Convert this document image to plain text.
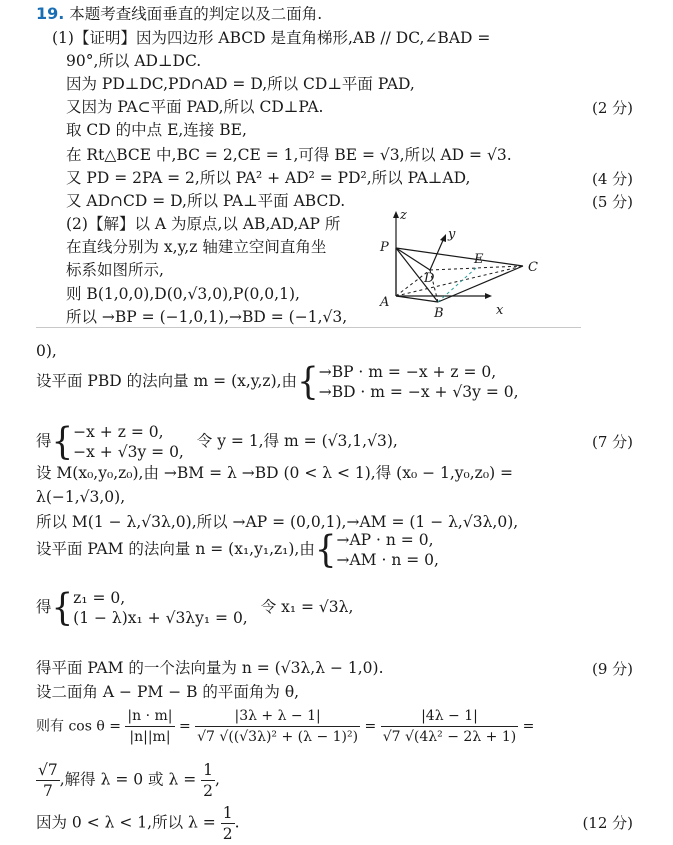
19. 本题考查线面垂直的判定以及二面角.
(1)【证明】因为四边形 ABCD 是直角梯形,AB // DC,∠BAD =
90°,所以 AD⊥DC.
因为 PD⊥DC,PD∩AD = D,所以 CD⊥平面 PAD,
又因为 PA⊂平面 PAD,所以 CD⊥PA.	(2 分)
取 CD 的中点 E,连接 BE,
在 Rt△BCE 中,BC = 2,CE = 1,可得 BE = √3,所以 AD = √3.
又 PD = 2PA = 2,所以 PA² + AD² = PD²,所以 PA⊥AD,	(4 分)
又 AD∩CD = D,所以 PA⊥平面 ABCD.	(5 分)
(2)【解】以 A 为原点,以 AB,AD,AP 所
在直线分别为 x,y,z 轴建立空间直角坐
标系如图所示,
则 B(1,0,0),D(0,√3,0),P(0,0,1),
所以 →BP = (−1,0,1),→BD = (−1,√3,
z
y
x
P
A
B
C
D
E
0),
设平面 PBD 的法向量 m = (x,y,z),由{ →BP · m = −x + z = 0,
→BD · m = −x + √3y = 0,
得{ −x + z = 0,
−x + √3y = 0,
令 y = 1,得 m = (√3,1,√3),	(7 分)
设 M(x₀,y₀,z₀),由 →BM = λ →BD (0 < λ < 1),得 (x₀ − 1,y₀,z₀) =
λ(−1,√3,0),
所以 M(1 − λ,√3λ,0),所以 →AP = (0,0,1),→AM = (1 − λ,√3λ,0),
设平面 PAM 的法向量 n = (x₁,y₁,z₁),由{ →AP · n = 0,
→AM · n = 0,
得{ z₁ = 0,
(1 − λ)x₁ + √3λy₁ = 0,
令 x₁ = √3λ,
得平面 PAM 的一个法向量为 n = (√3λ,λ − 1,0).	(9 分)
设二面角 A − PM − B 的平面角为 θ,
则有 $\cos \theta = \frac{|n \cdot m|}{|n||m|} = \frac{|3\lambda + \lambda - 1|}{\text{√7 √((√3λ)² + (λ − 1)²)}} = \frac{|4\lambda - 1|}{\text{√7 √(4λ² − 2λ + 1)}}$ =
$\frac{√7}{7}$ ,解得 λ = 0 或 $\lambda = \frac{1}{2}$ ,
因为 0 < λ < 1,所以 $\lambda = \frac{1}{2}$ .	(12 分)
